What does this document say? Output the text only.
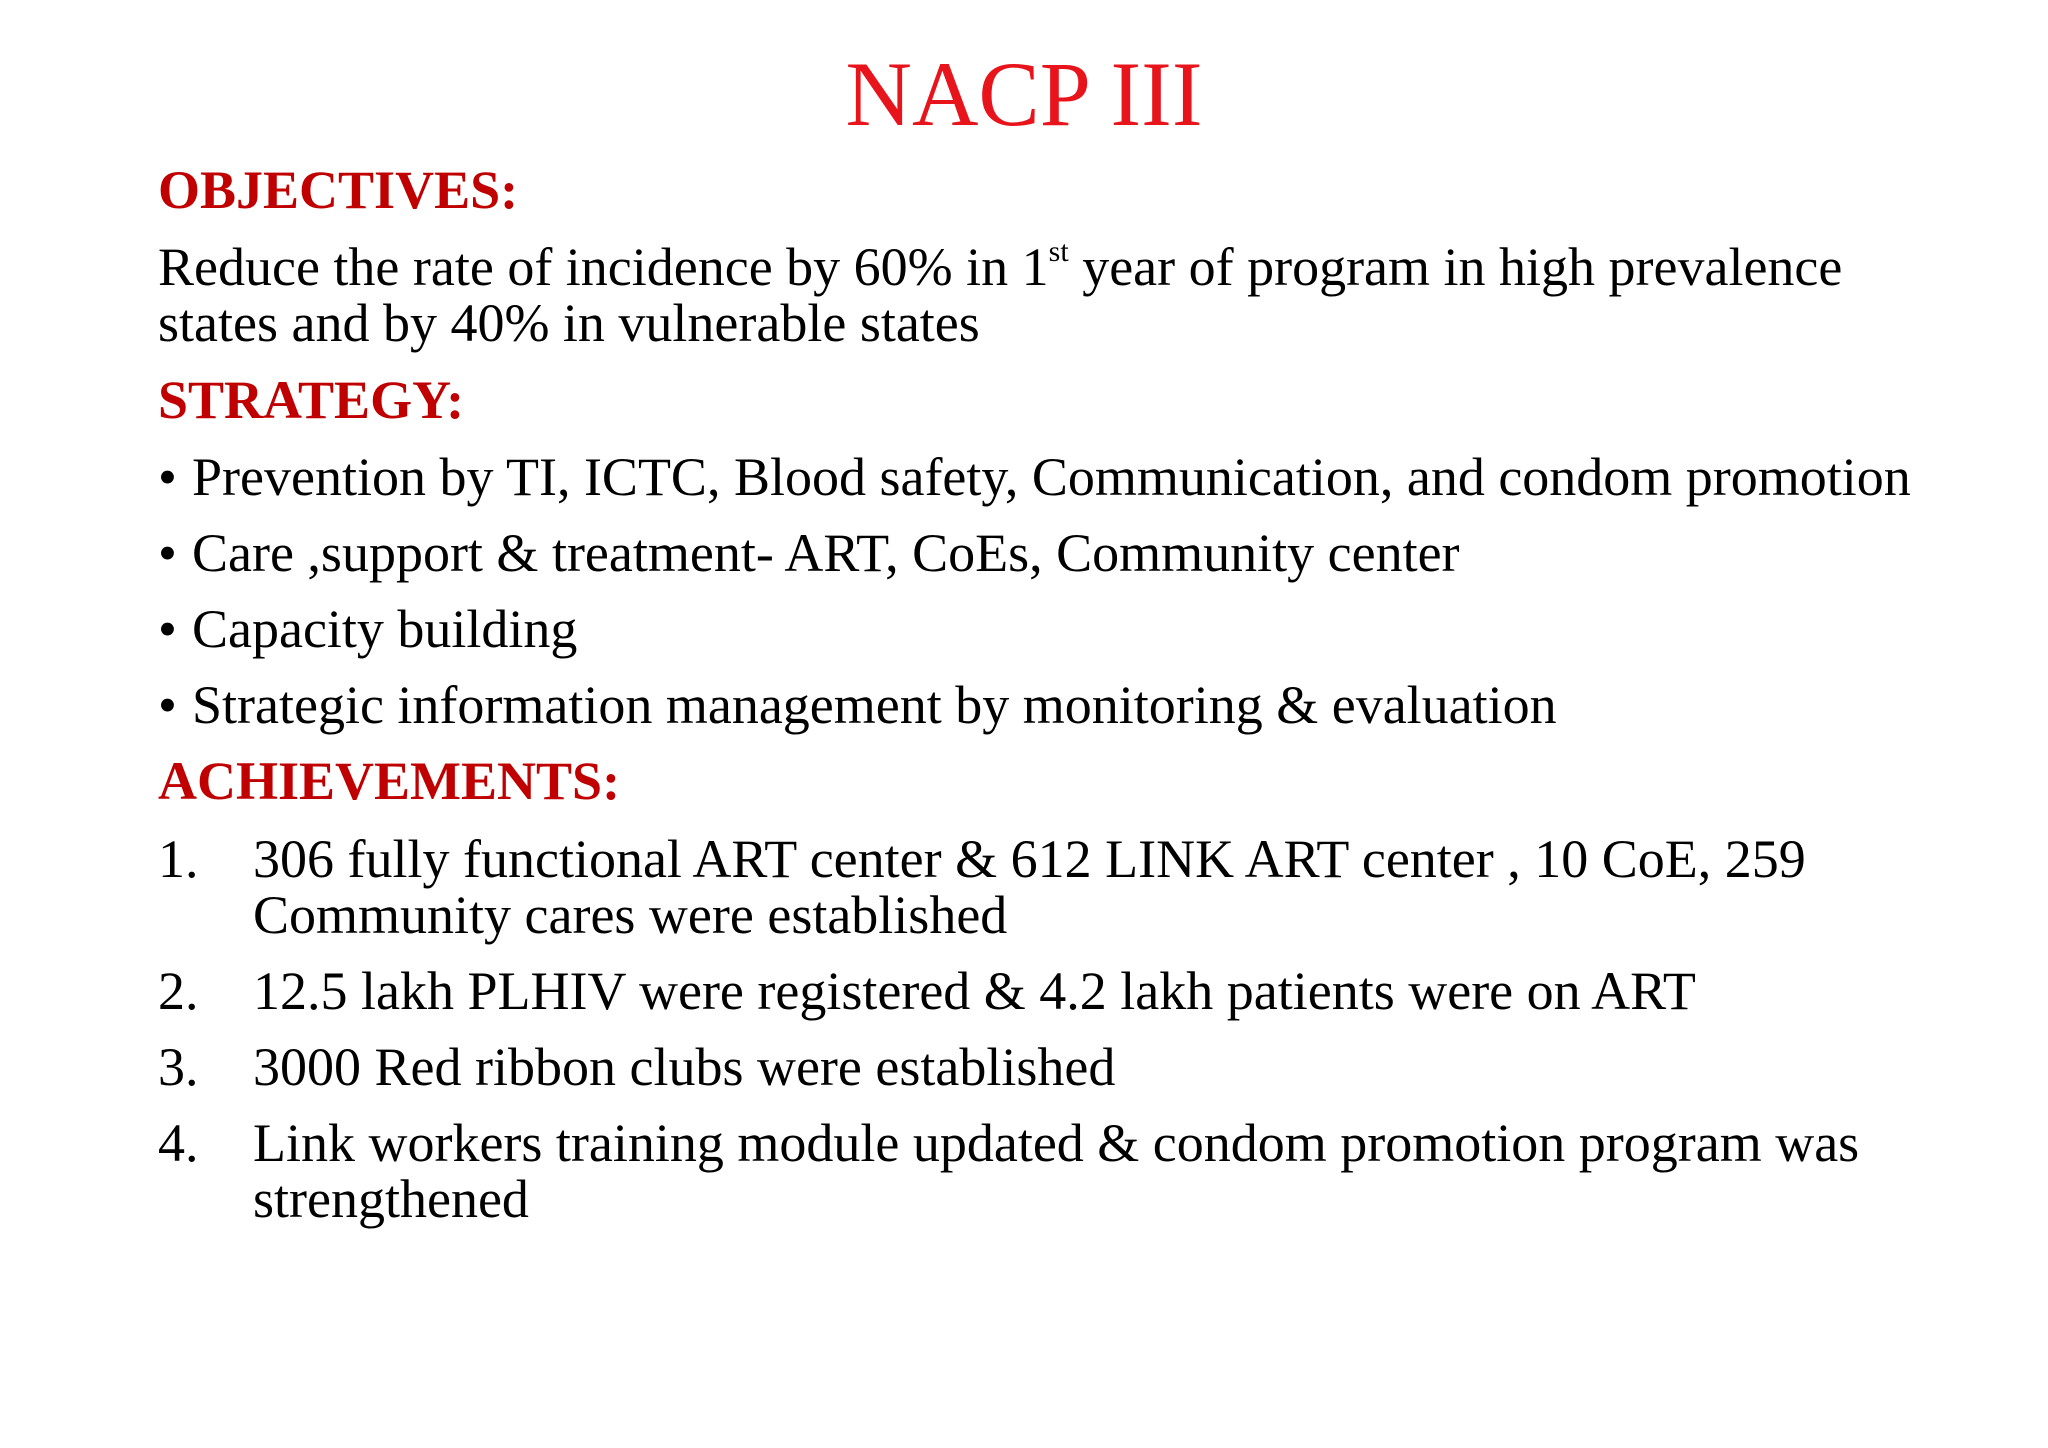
NACP III
OBJECTIVES:
Reduce the rate of incidence by 60% in 1st year of program in high prevalence states and by 40% in vulnerable states
STRATEGY:
• Prevention by TI, ICTC, Blood safety, Communication, and condom promotion
• Care ,support & treatment- ART, CoEs, Community center
• Capacity building
• Strategic information management by monitoring & evaluation
ACHIEVEMENTS:
1. 306 fully functional ART center & 612 LINK ART center , 10 CoE, 259 Community cares were established
2. 12.5 lakh PLHIV were registered & 4.2 lakh patients were on ART
3. 3000 Red ribbon clubs were established
4. Link workers training module updated & condom promotion program was strengthened
